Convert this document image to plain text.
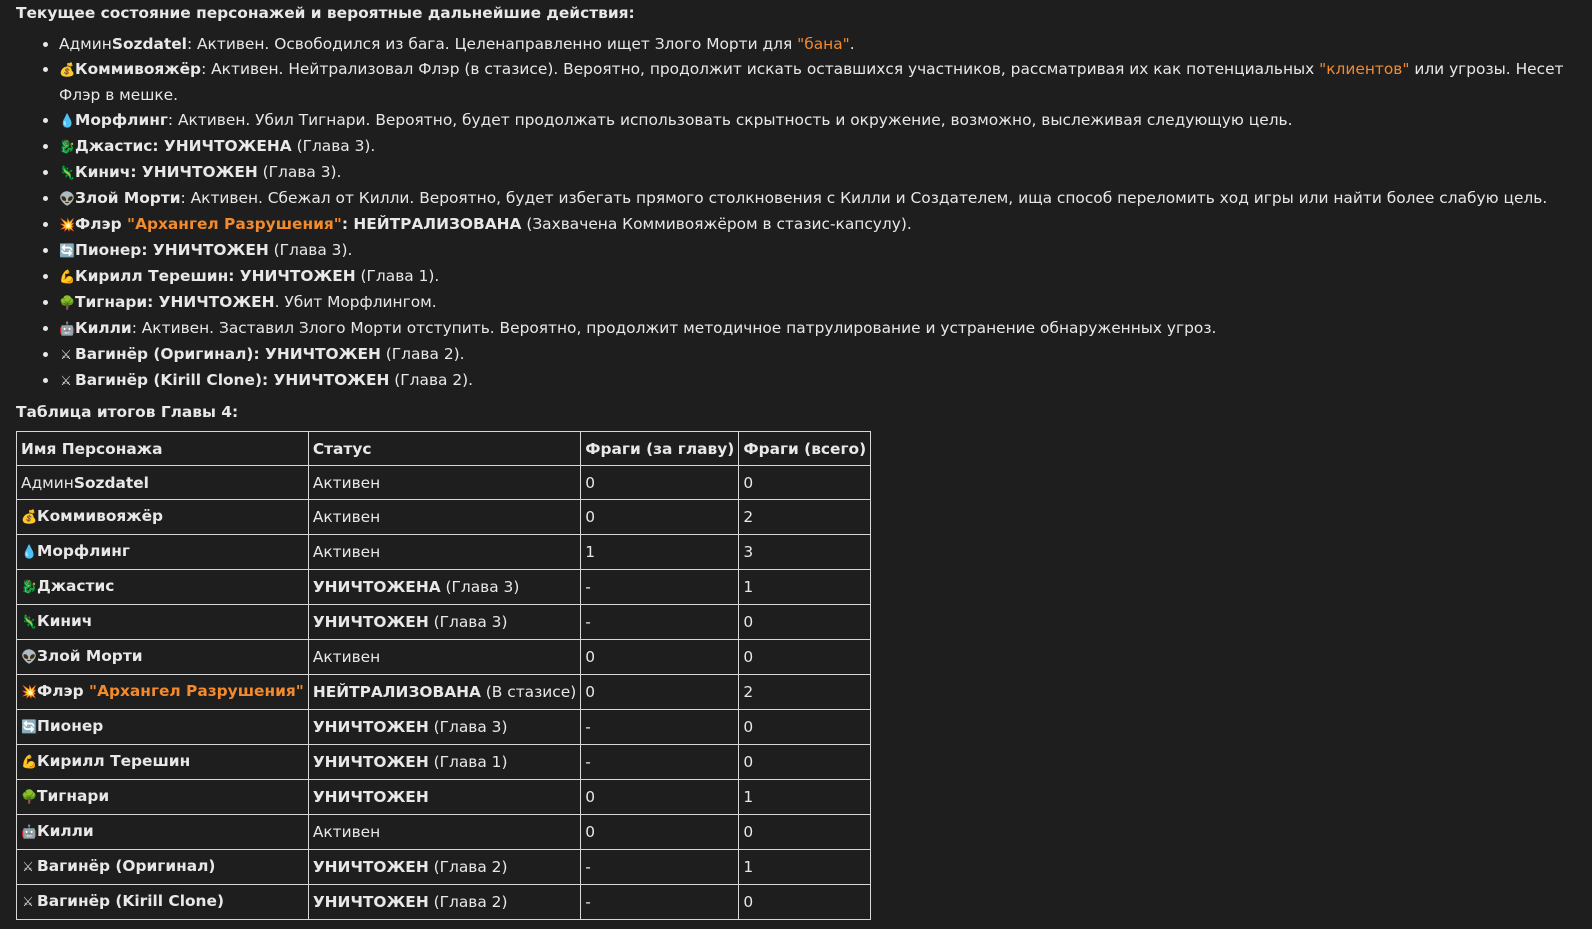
Текущее состояние персонажей и вероятные дальнейшие действия:
• АдминSozdatel: Активен. Освободился из бага. Целенаправленно ищет Злого Морти для "бана".
• 💰Коммивояжёр: Активен. Нейтрализовал Флэр (в стазисе). Вероятно, продолжит искать оставшихся участников, рассматривая их как потенциальных "клиентов" или угрозы. Несет Флэр в мешке.
• 💧Морфлинг: Активен. Убил Тигнари. Вероятно, будет продолжать использовать скрытность и окружение, возможно, выслеживая следующую цель.
• 🐉Джастис: УНИЧТОЖЕНА (Глава 3).
• 🦎Кинич: УНИЧТОЖЕН (Глава 3).
• 👽Злой Морти: Активен. Сбежал от Килли. Вероятно, будет избегать прямого столкновения с Килли и Создателем, ища способ переломить ход игры или найти более слабую цель.
• 💥Флэр "Архангел Разрушения": НЕЙТРАЛИЗОВАНА (Захвачена Коммивояжёром в стазис-капсулу).
• 🔄Пионер: УНИЧТОЖЕН (Глава 3).
• 💪Кирилл Терешин: УНИЧТОЖЕН (Глава 1).
• 🌳Тигнари: УНИЧТОЖЕН. Убит Морфлингом.
• 🤖Килли: Активен. Заставил Злого Морти отступить. Вероятно, продолжит методичное патрулирование и устранение обнаруженных угроз.
• ⚔ Вагинёр (Оригинал): УНИЧТОЖЕН (Глава 2).
• ⚔ Вагинёр (Kirill Clone): УНИЧТОЖЕН (Глава 2).
Таблица итогов Главы 4:
Имя Персонажа	Статус	Фраги (за главу)	Фраги (всего)
АдминSozdatel	Активен	0	0
💰Коммивояжёр	Активен	0	2
💧Морфлинг	Активен	1	3
🐉Джастис	УНИЧТОЖЕНА (Глава 3)	-	1
🦎Кинич	УНИЧТОЖЕН (Глава 3)	-	0
👽Злой Морти	Активен	0	0
💥Флэр "Архангел Разрушения"	НЕЙТРАЛИЗОВАНА (В стазисе)	0	2
🔄Пионер	УНИЧТОЖЕН (Глава 3)	-	0
💪Кирилл Терешин	УНИЧТОЖЕН (Глава 1)	-	0
🌳Тигнари	УНИЧТОЖЕН	0	1
🤖Килли	Активен	0	0
⚔ Вагинёр (Оригинал)	УНИЧТОЖЕН (Глава 2)	-	1
⚔ Вагинёр (Kirill Clone)	УНИЧТОЖЕН (Глава 2)	-	0
